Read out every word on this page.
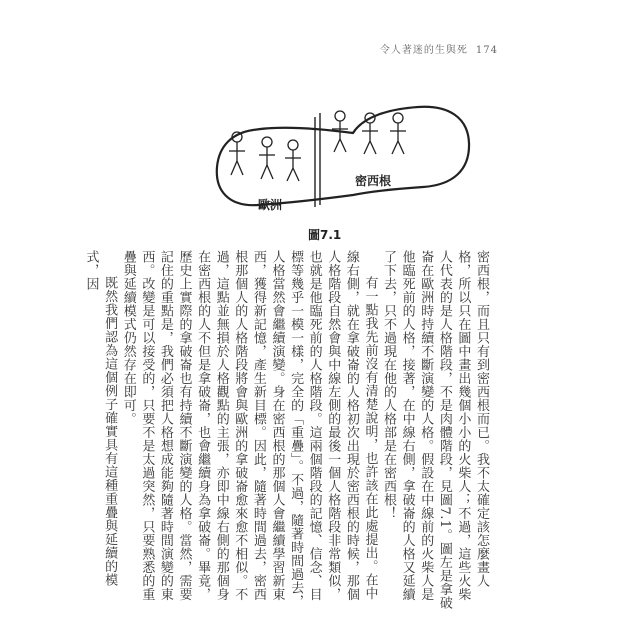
令人著迷的生與死 174
歐洲
密西根
圖7.1

密西根，而且只有到密西根而已。我不太確定該怎麼畫人格，所以只在圖中畫出幾個小小的火柴人；不過，這些火柴人代表的是人格階段，不是肉體階段，見圖7.1。圖左是拿破崙在歐洲時持續不斷演變的人格。假設在中線前的火柴人是他臨死前的人格，接著，在中線右側，拿破崙的人格又延續了下去，只不過現在他的人格部是在密西根！

有一點我先前沒有清楚說明，也許該在此處提出。在中線右側，就在拿破崙的人格初次出現於密西根的時候，那個人格階段自然會與中線左側的最後一個人格階段非常類似，也就是他臨死前的人格階段。這兩個階段的記憶、信念、目標等幾乎一模一樣，完全的「重疊」。不過，隨著時間過去，人格當然會繼續演變。身在密西根的那個人會繼續學習新東西，獲得新記憶，產生新目標。因此，隨著時間過去，密西根那個人的人格階段將會與歐洲的拿破崙愈來愈不相似。不過，這點並無損於人格觀點的主張，亦即中線右側的那個身在密西根的人不但是拿破崙，也會繼續身為拿破崙。畢竟，歷史上實際的拿破崙也有持續不斷演變的人格。當然，需要記住的重點是，我們必須把人格想成能夠隨著時間演變的東西。改變是可以接受的，只要不是太過突然，只要熟悉的重疊與延續模式仍然存在即可。

既然我們認為這個例子確實具有這種重疊與延續的模式，因
